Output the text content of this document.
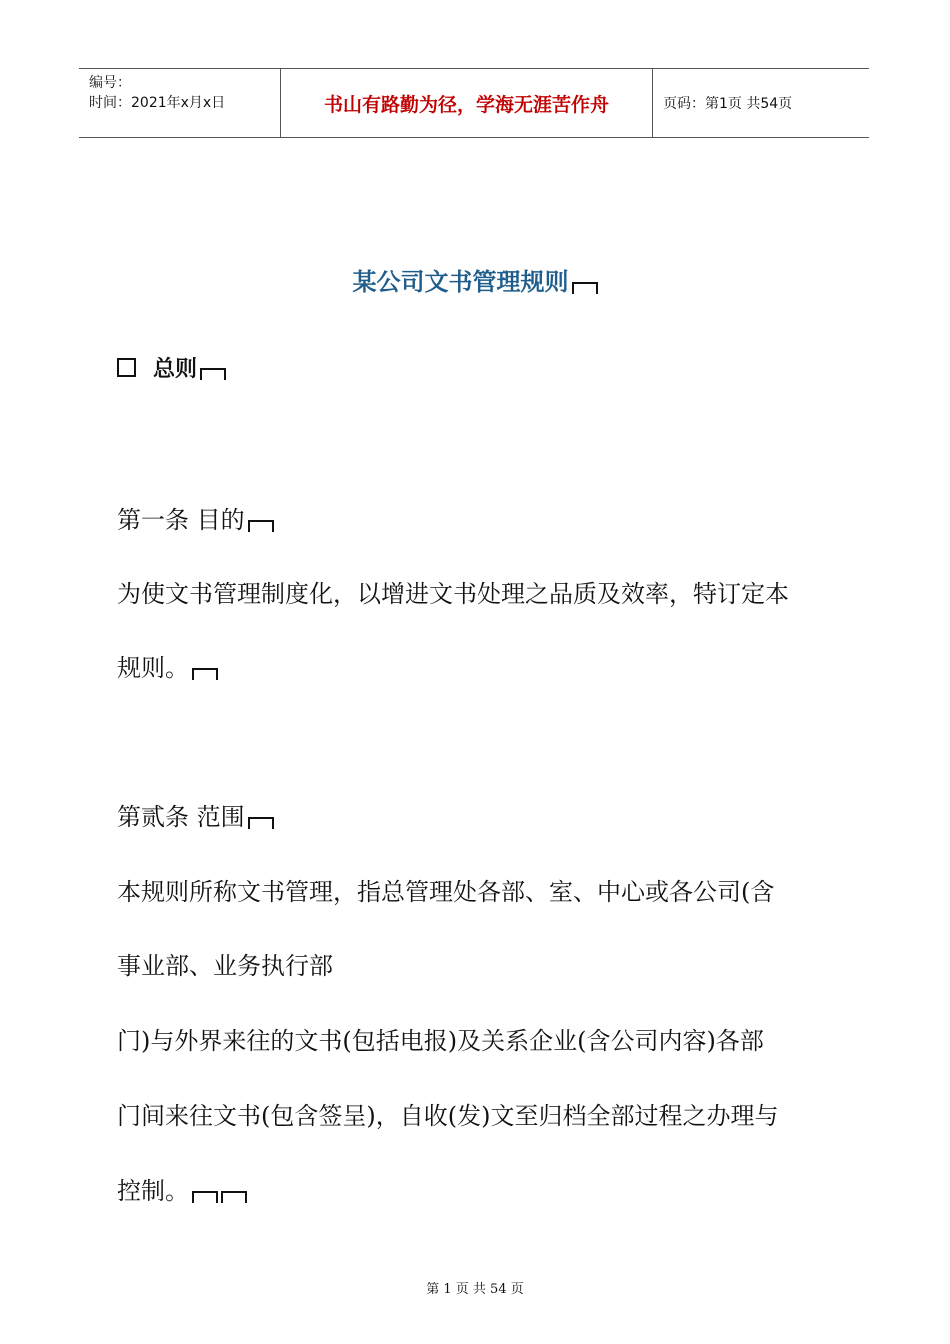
编号：
时间：2021年x月x日	书山有路勤为径，学海无涯苦作舟	页码：第1页 共54页
某公司文书管理规则
总则
第一条 目的
为使文书管理制度化，以增进文书处理之品质及效率，特订定本
规则。
第贰条 范围
本规则所称文书管理，指总管理处各部、室、中心或各公司(含
事业部、业务执行部
门)与外界来往的文书(包括电报)及关系企业(含公司内容)各部
门间来往文书(包含签呈)，自收(发)文至归档全部过程之办理与
控制。
第 1 页 共 54 页
